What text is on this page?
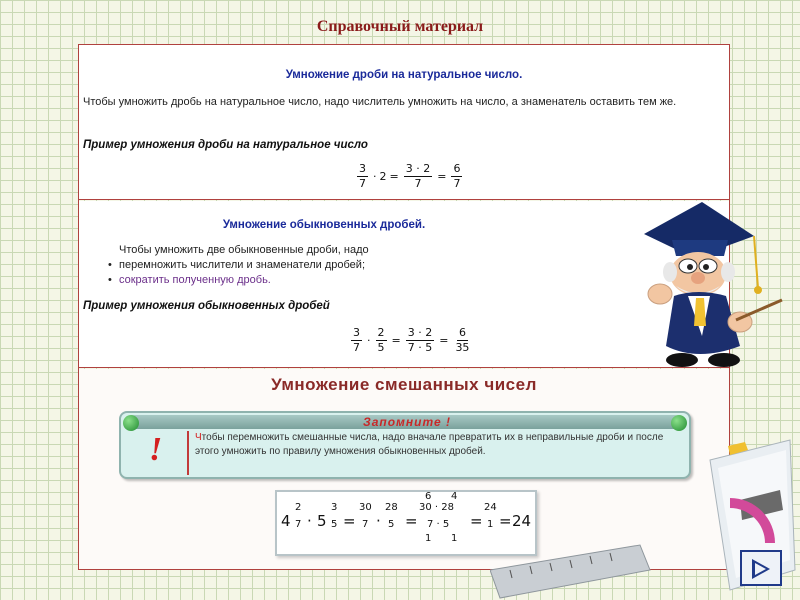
Справочный материал
Умножение дроби на натуральное число.
Чтобы умножить дробь на натуральное число, надо числитель умножить на число, а знаменатель оставить тем же.
Пример умножения дроби на натуральное число
$\frac{3}{7} \cdot 2 = \frac{3 \cdot 2}{7} = \frac{6}{7}$
Умножение обыкновенных дробей.
Чтобы умножить две обыкновенные дроби, надо
• перемножить числители и знаменатели дробей;
• сократить полученную дробь.
Пример умножения обыкновенных дробей
$\frac{3}{7} \cdot \frac{2}{5} = \frac{3 \cdot 2}{7 \cdot 5} = \frac{6}{35}$
Умножение смешанных чисел
Запомните !
!	Чтобы перемножить смешанные числа, надо вначале превратить их в неправильные дроби и после этого умножить по правилу умножения обыкновенных дробей.
4
2
7 · 5
3
5 =
30
7 ·
28
5 =
6 4
30 · 28
7 · 5
1 1
=
24
1 = 24
